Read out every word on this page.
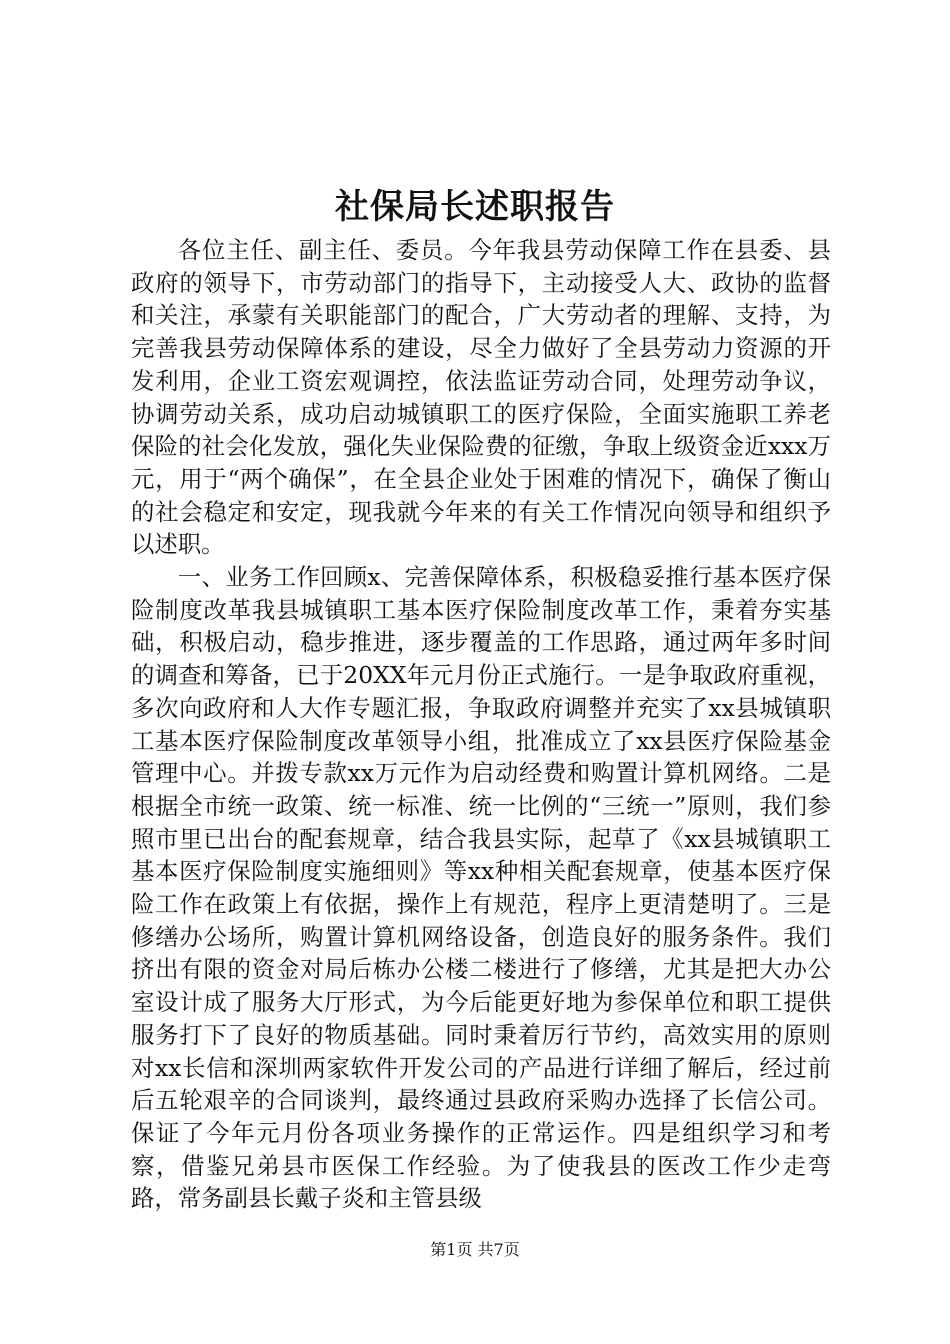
社保局长述职报告

各位主任、副主任、委员。今年我县劳动保障工作在县委、县政府的领导下，市劳动部门的指导下，主动接受人大、政协的监督和关注，承蒙有关职能部门的配合，广大劳动者的理解、支持，为完善我县劳动保障体系的建设，尽全力做好了全县劳动力资源的开发利用，企业工资宏观调控，依法监证劳动合同，处理劳动争议，协调劳动关系，成功启动城镇职工的医疗保险，全面实施职工养老保险的社会化发放，强化失业保险费的征缴，争取上级资金近xxx万元，用于“两个确保”，在全县企业处于困难的情况下，确保了衡山的社会稳定和安定，现我就今年来的有关工作情况向领导和组织予以述职。

一、业务工作回顾x、完善保障体系，积极稳妥推行基本医疗保险制度改革我县城镇职工基本医疗保险制度改革工作，秉着夯实基础，积极启动，稳步推进，逐步覆盖的工作思路，通过两年多时间的调查和筹备，已于20XX年元月份正式施行。一是争取政府重视，多次向政府和人大作专题汇报，争取政府调整并充实了xx县城镇职工基本医疗保险制度改革领导小组，批准成立了xx县医疗保险基金管理中心。并拨专款xx万元作为启动经费和购置计算机网络。二是根据全市统一政策、统一标准、统一比例的“三统一”原则，我们参照市里已出台的配套规章，结合我县实际，起草了《xx县城镇职工基本医疗保险制度实施细则》等xx种相关配套规章，使基本医疗保险工作在政策上有依据，操作上有规范，程序上更清楚明了。三是修缮办公场所，购置计算机网络设备，创造良好的服务条件。我们挤出有限的资金对局后栋办公楼二楼进行了修缮，尤其是把大办公室设计成了服务大厅形式，为今后能更好地为参保单位和职工提供服务打下了良好的物质基础。同时秉着厉行节约，高效实用的原则对xx长信和深圳两家软件开发公司的产品进行详细了解后，经过前后五轮艰辛的合同谈判，最终通过县政府采购办选择了长信公司。保证了今年元月份各项业务操作的正常运作。四是组织学习和考察，借鉴兄弟县市医保工作经验。为了使我县的医改工作少走弯路，常务副县长戴子炎和主管县级

第1页 共7页
